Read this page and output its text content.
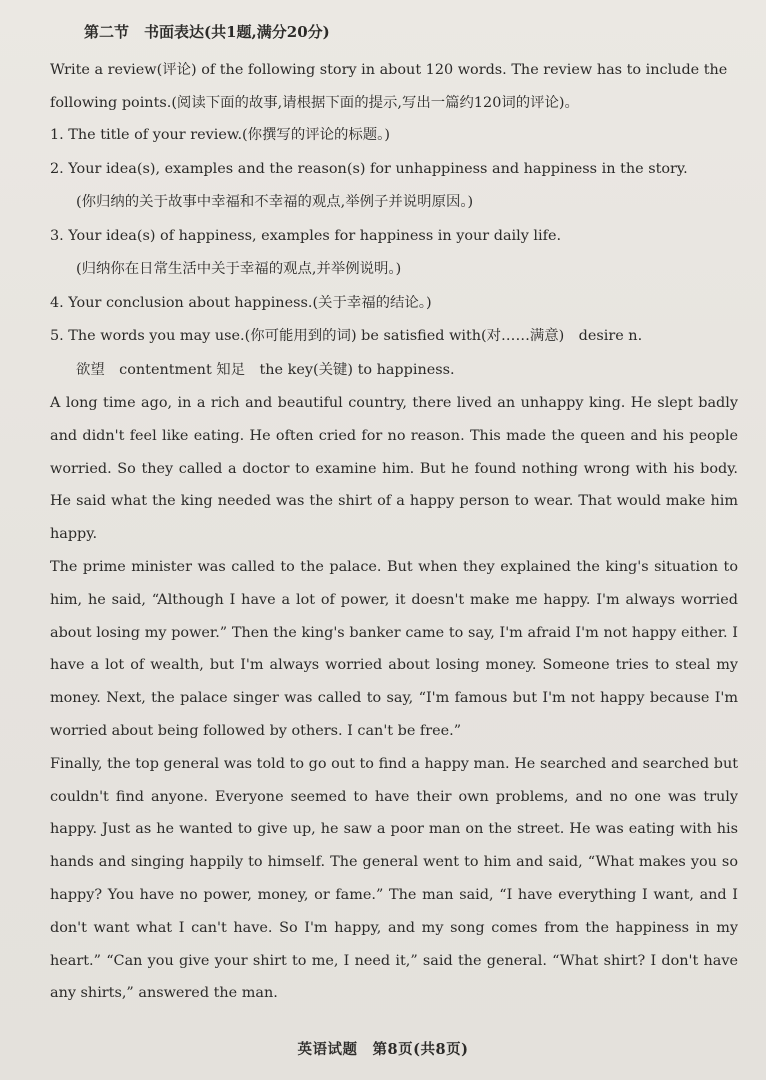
第二节　书面表达(共1题,满分20分)

Write a review(评论) of the following story in about 120 words. The review has to include the following points.(阅读下面的故事,请根据下面的提示,写出一篇约120词的评论)。

1. The title of your review.(你撰写的评论的标题。)

2. Your idea(s), examples and the reason(s) for unhappiness and happiness in the story.

(你归纳的关于故事中幸福和不幸福的观点,举例子并说明原因。)

3. Your idea(s) of happiness, examples for happiness in your daily life.

(归纳你在日常生活中关于幸福的观点,并举例说明。)

4. Your conclusion about happiness.(关于幸福的结论。)

5. The words you may use.(你可能用到的词) be satisfied with(对……满意)　desire n.

欲望　contentment 知足　the key(关键) to happiness.

A long time ago, in a rich and beautiful country, there lived an unhappy king. He slept badly and didn't feel like eating. He often cried for no reason. This made the queen and his people worried. So they called a doctor to examine him. But he found nothing wrong with his body. He said what the king needed was the shirt of a happy person to wear. That would make him happy.

The prime minister was called to the palace. But when they explained the king's situation to him, he said, “Although I have a lot of power, it doesn't make me happy. I'm always worried about losing my power.” Then the king's banker came to say, I'm afraid I'm not happy either. I have a lot of wealth, but I'm always worried about losing money. Someone tries to steal my money. Next, the palace singer was called to say, “I'm famous but I'm not happy because I'm worried about being followed by others. I can't be free.”

Finally, the top general was told to go out to find a happy man. He searched and searched but couldn't find anyone. Everyone seemed to have their own problems, and no one was truly happy. Just as he wanted to give up, he saw a poor man on the street. He was eating with his hands and singing happily to himself. The general went to him and said, “What makes you so happy? You have no power, money, or fame.” The man said, “I have everything I want, and I don't want what I can't have. So I'm happy, and my song comes from the happiness in my heart.” “Can you give your shirt to me, I need it,” said the general. “What shirt? I don't have any shirts,” answered the man.

英语试题　第8页(共8页)
